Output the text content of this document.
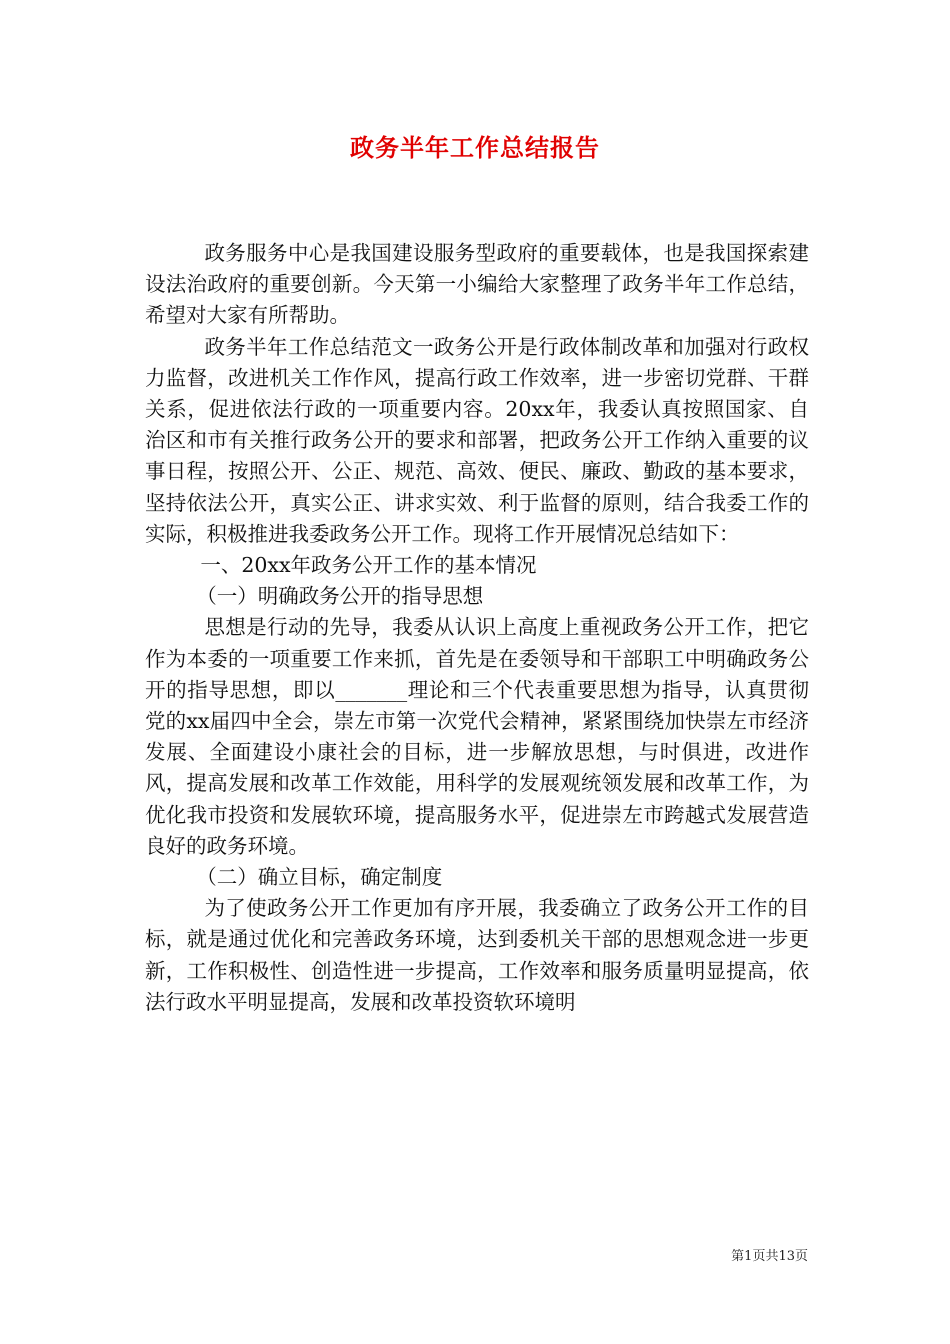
政务半年工作总结报告

政务服务中心是我国建设服务型政府的重要载体，也是我国探索建设法治政府的重要创新。今天第一小编给大家整理了政务半年工作总结，希望对大家有所帮助。

政务半年工作总结范文一政务公开是行政体制改革和加强对行政权力监督，改进机关工作作风，提高行政工作效率，进一步密切党群、干群关系，促进依法行政的一项重要内容。20xx年，我委认真按照国家、自治区和市有关推行政务公开的要求和部署，把政务公开工作纳入重要的议事日程，按照公开、公正、规范、高效、便民、廉政、勤政的基本要求，坚持依法公开，真实公正、讲求实效、利于监督的原则，结合我委工作的实际，积极推进我委政务公开工作。现将工作开展情况总结如下：

一、20xx年政务公开工作的基本情况

（一）明确政务公开的指导思想

思想是行动的先导，我委从认识上高度上重视政务公开工作，把它作为本委的一项重要工作来抓，首先是在委领导和干部职工中明确政务公开的指导思想，即以_______理论和三个代表重要思想为指导，认真贯彻党的xx届四中全会，崇左市第一次党代会精神，紧紧围绕加快崇左市经济发展、全面建设小康社会的目标，进一步解放思想，与时俱进，改进作风，提高发展和改革工作效能，用科学的发展观统领发展和改革工作，为优化我市投资和发展软环境，提高服务水平，促进崇左市跨越式发展营造良好的政务环境。

（二）确立目标，确定制度

为了使政务公开工作更加有序开展，我委确立了政务公开工作的目标，就是通过优化和完善政务环境，达到委机关干部的思想观念进一步更新，工作积极性、创造性进一步提高，工作效率和服务质量明显提高，依法行政水平明显提高，发展和改革投资软环境明

第1页共13页
